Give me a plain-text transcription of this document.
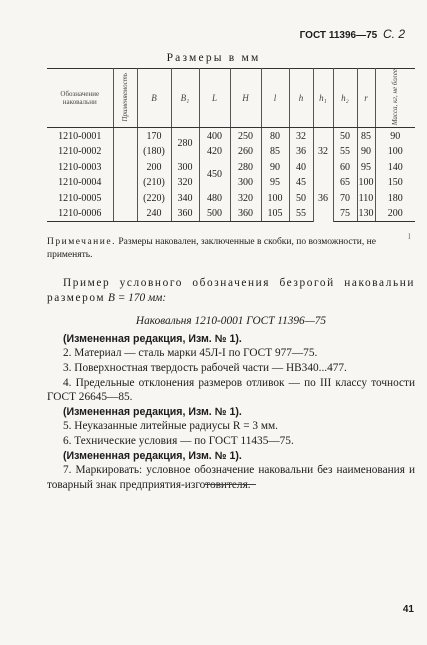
ГОСТ 11396—75 С. 2
Размеры в мм
Обозначение наковальни	Применяемость	В	В₁	L	Н	l	h	h₁	h₂	r	Масса, кг, не более
1210-0001		170	280	400	250	80	32	32	50	85	90
1210-0002		(180)		420	260	85	36		55	90	100
1210-0003		200	300	450	280	90	40		60	95	140
1210-0004		(210)	320		300	95	45	36	65	100	150
1210-0005		(220)	340	480	320	100	50		70	110	180
1210-0006		240	360	500	360	105	55		75	130	200
I
Примечание. Размеры наковален, заключенные в скобки, по возможности, не применять.

Пример условного обозначения безрогой наковальни размером В = 170 мм:

Наковальня 1210-0001 ГОСТ 11396—75

(Измененная редакция, Изм. № 1).

2. Материал — сталь марки 45Л-I по ГОСТ 977—75.

3. Поверхностная твердость рабочей части — НВ340...477.

4. Предельные отклонения размеров отливок — по III классу точности ГОСТ 26645—85.

(Измененная редакция, Изм. № 1).

5. Неуказанные литейные радиусы R = 3 мм.

6. Технические условия — по ГОСТ 11435—75.

(Измененная редакция, Изм. № 1).

7. Маркировать: условное обозначение наковальни без наименования и товарный знак предприятия-изготовителя.

41
